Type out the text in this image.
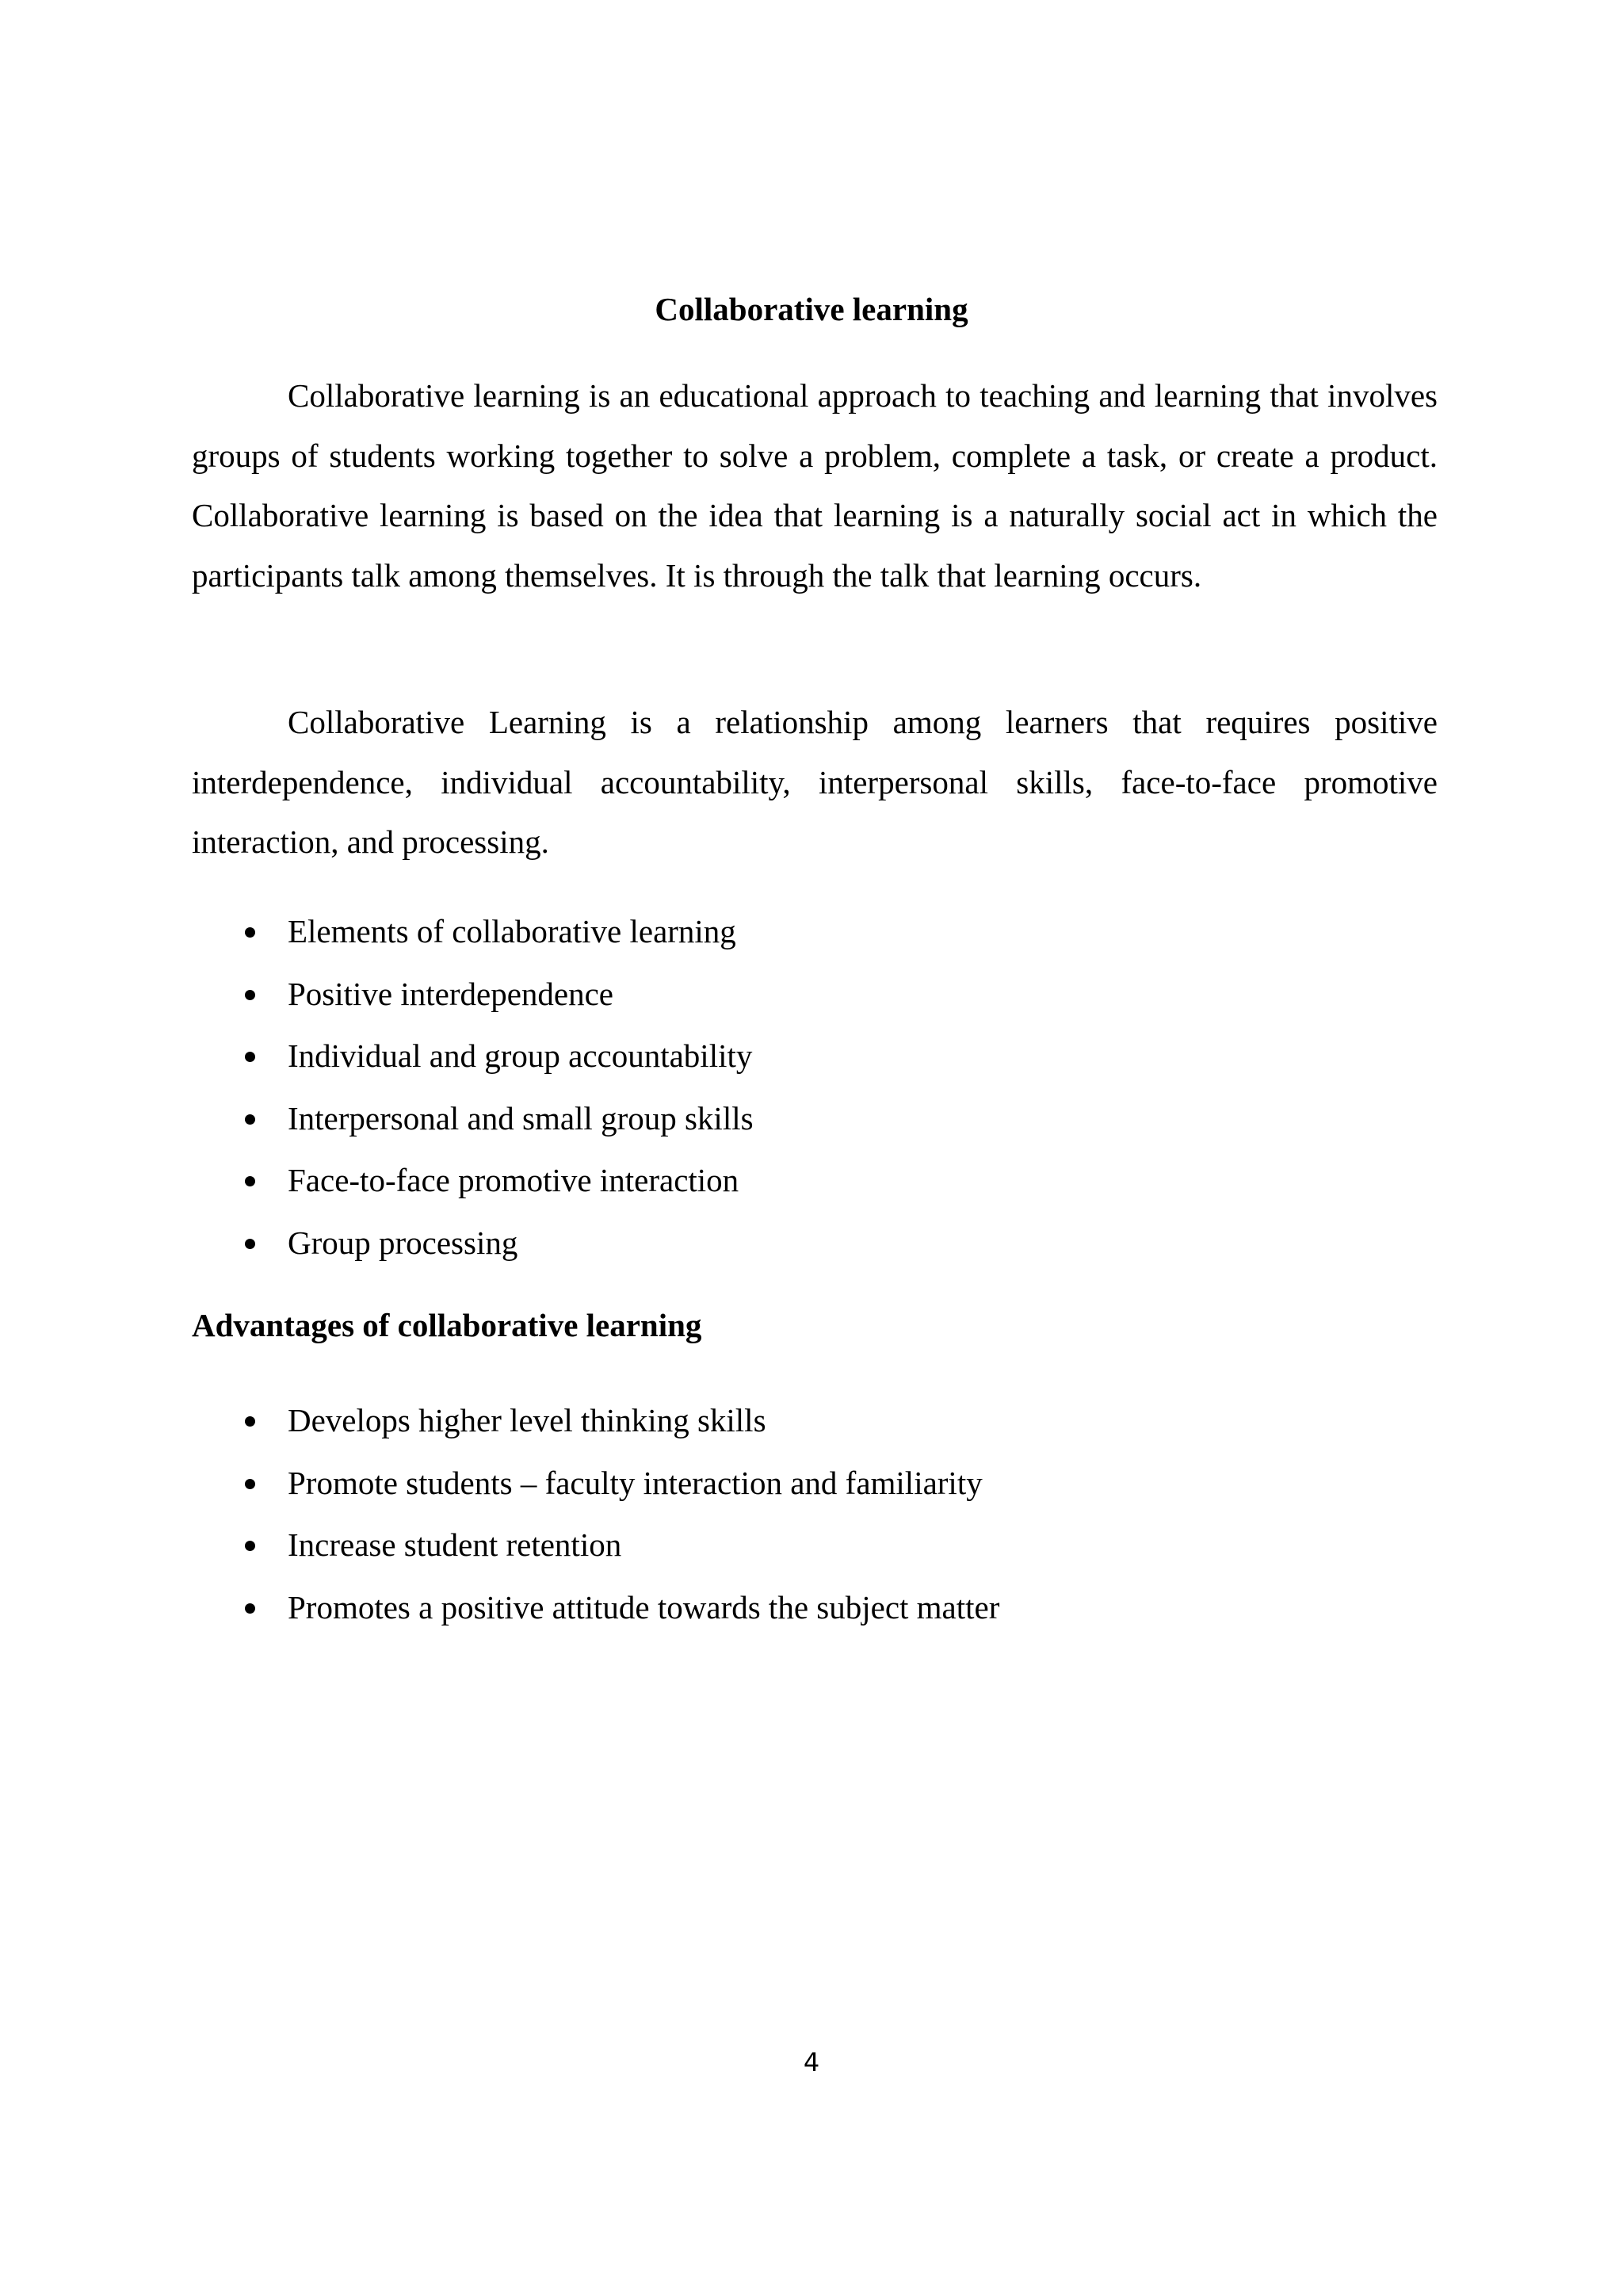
Collaborative learning

Collaborative learning is an educational approach to teaching and learning that involves groups of students working together to solve a problem, complete a task, or create a product. Collaborative learning is based on the idea that learning is a naturally social act in which the participants talk among themselves. It is through the talk that learning occurs.

Collaborative Learning is a relationship among learners that requires positive interdependence, individual accountability, interpersonal skills, face-to-face promotive interaction, and processing.

Elements of collaborative learning
Positive interdependence
Individual and group accountability
Interpersonal and small group skills
Face-to-face promotive interaction
Group processing
Advantages of collaborative learning
Develops higher level thinking skills
Promote students – faculty interaction and familiarity
Increase student retention
Promotes a positive attitude towards the subject matter
4
